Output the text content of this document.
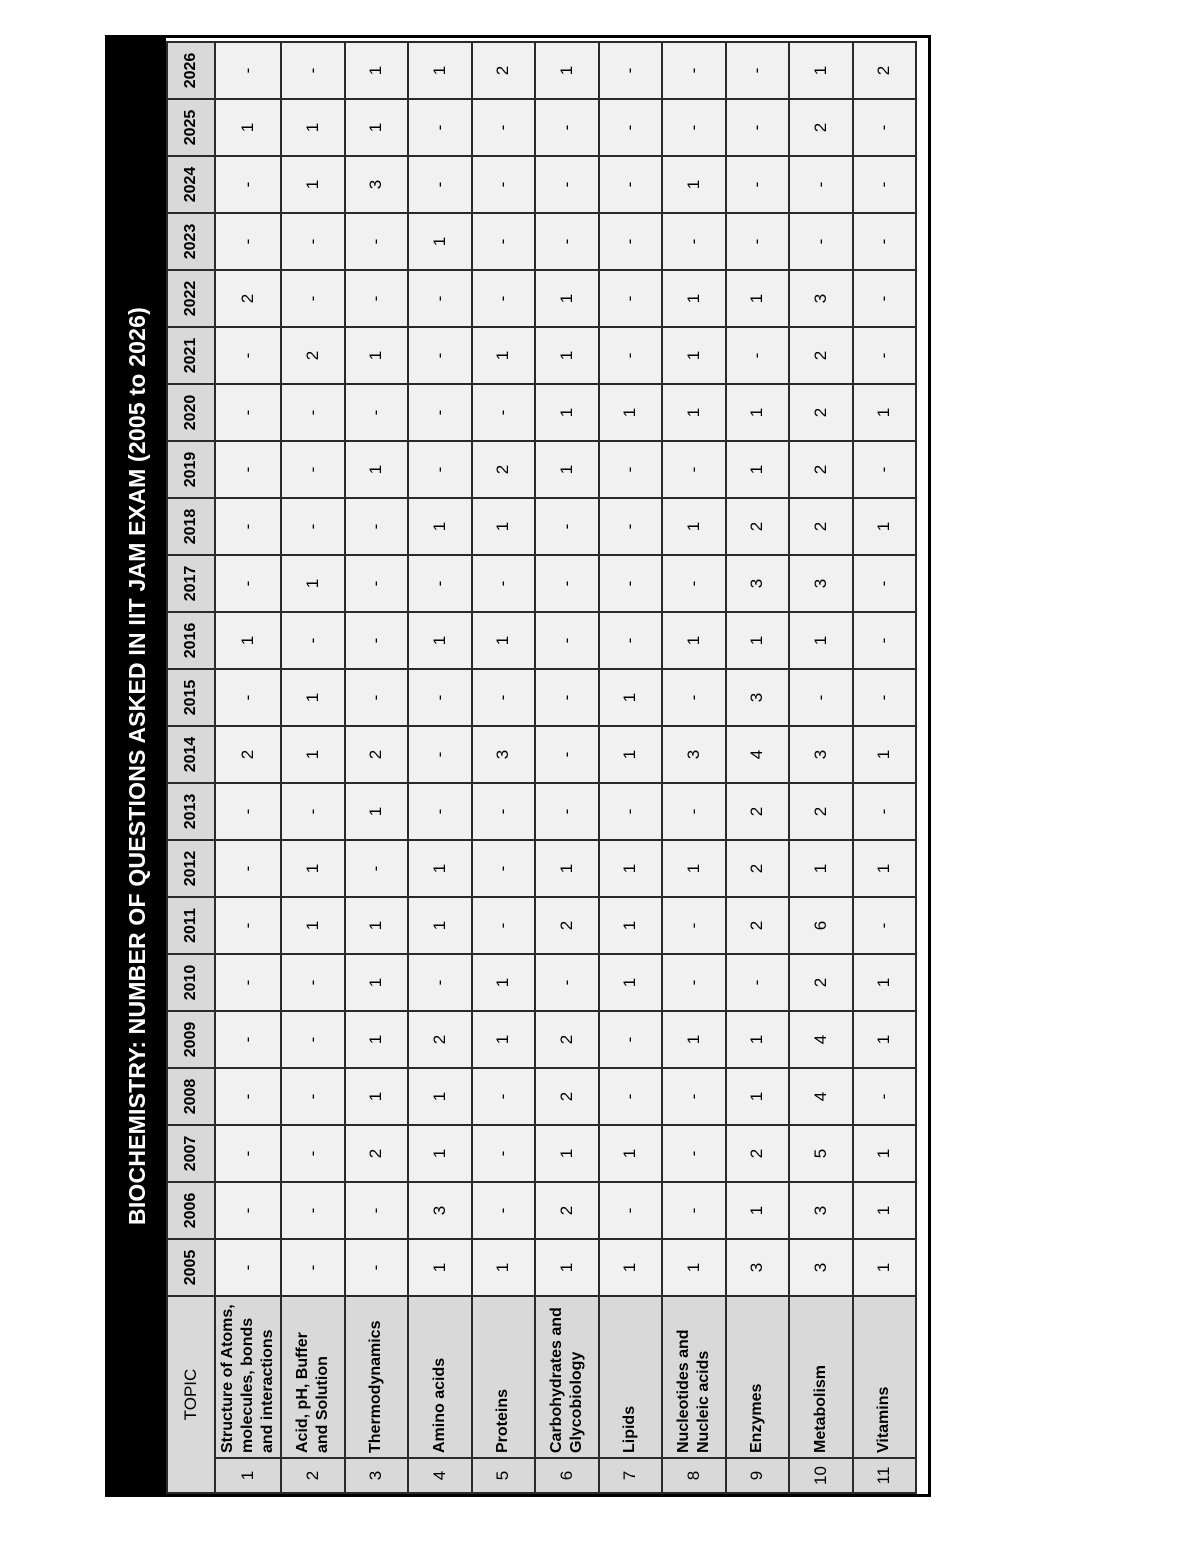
BIOCHEMISTRY: NUMBER OF QUESTIONS ASKED IN IIT JAM EXAM (2005 to 2026)
TOPIC		2005	2006	2007	2008	2009	2010	2011	2012	2013	2014	2015	2016	2017	2018	2019	2020	2021	2022	2023	2024	2025	2026
1	Structure of Atoms, molecules, bonds and interactions	-	-	-	-	-	-	-	-	-	2	-	1	-	-	-	-	-	2	-	-	1	-
2	Acid, pH, Buffer and Solution	-	-	-	-	-	-	1	1	-	1	1	-	1	-	-	-	2	-	-	1	1	-
3	Thermodynamics	-	-	2	1	1	1	1	-	1	2	-	-	-	-	1	-	1	-	-	3	1	1
4	Amino acids	1	3	1	1	2	-	1	1	-	-	-	1	-	1	-	-	-	-	1	-	-	1
5	Proteins	1	-	-	-	1	1	-	-	-	3	-	1	-	1	2	-	1	-	-	-	-	2
6	Carbohydrates and Glycobiology	1	2	1	2	2	-	2	1	-	-	-	-	-	-	1	1	1	1	-	-	-	1
7	Lipids	1	-	1	-	-	1	1	1	-	1	1	-	-	-	-	1	-	-	-	-	-	-
8	Nucleotides and Nucleic acids	1	-	-	-	1	-	-	1	-	3	-	1	-	1	-	1	1	1	-	1	-	-
9	Enzymes	3	1	2	1	1	-	2	2	2	4	3	1	3	2	1	1	-	1	-	-	-	-
10	Metabolism	3	3	5	4	4	2	6	1	2	3	-	1	3	2	2	2	2	3	-	-	2	1
11	Vitamins	1	1	1	-	1	1	-	1	-	1	-	-	-	1	-	1	-	-	-	-	-	2
